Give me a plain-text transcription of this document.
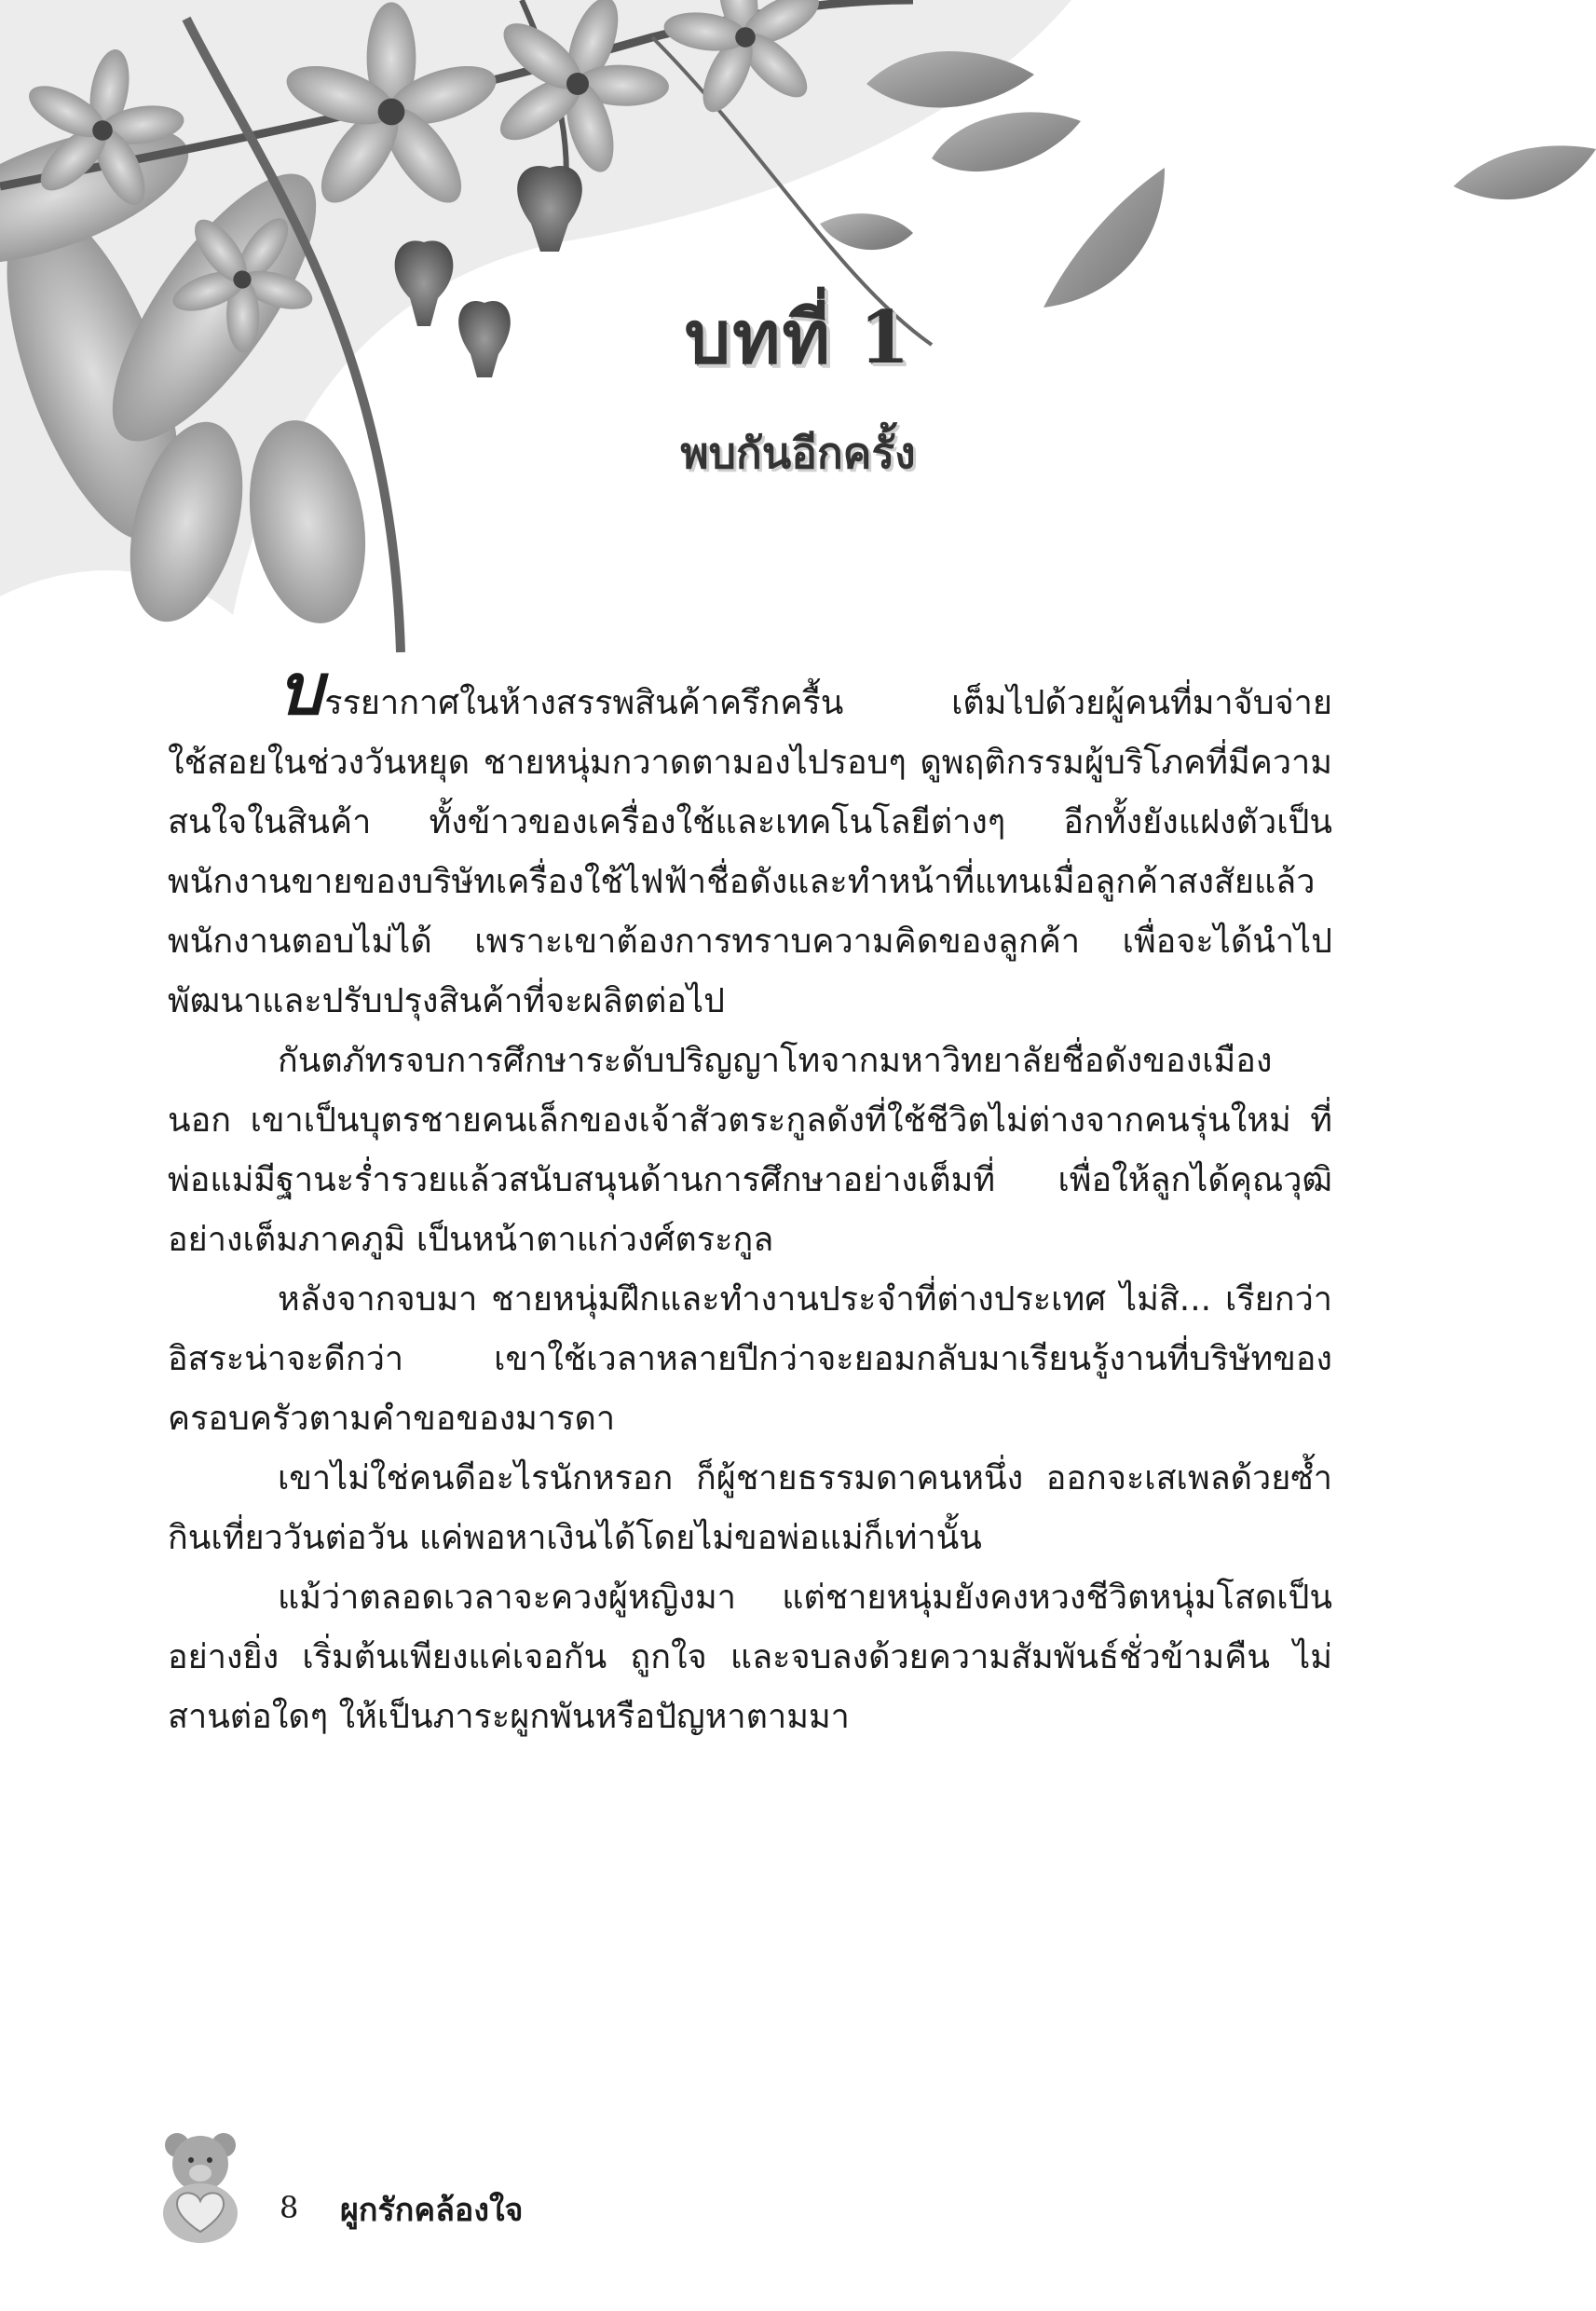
บทที่ 1
พบกันอีกครั้ง

บรรยากาศในห้างสรรพสินค้าครึกครื้น เต็มไปด้วยผู้คนที่มาจับจ่ายใช้สอยในช่วงวันหยุด ชายหนุ่มกวาดตามองไปรอบๆ ดูพฤติกรรมผู้บริโภคที่มีความสนใจในสินค้า ทั้งข้าวของเครื่องใช้และเทคโนโลยีต่างๆ อีกทั้งยังแฝงตัวเป็นพนักงานขายของบริษัทเครื่องใช้ไฟฟ้าชื่อดังและทำหน้าที่แทนเมื่อลูกค้าสงสัยแล้วพนักงานตอบไม่ได้ เพราะเขาต้องการทราบความคิดของลูกค้า เพื่อจะได้นำไปพัฒนาและปรับปรุงสินค้าที่จะผลิตต่อไป

กันตภัทรจบการศึกษาระดับปริญญาโทจากมหาวิทยาลัยชื่อดังของเมืองนอก เขาเป็นบุตรชายคนเล็กของเจ้าสัวตระกูลดังที่ใช้ชีวิตไม่ต่างจากคนรุ่นใหม่ ที่พ่อแม่มีฐานะร่ำรวยแล้วสนับสนุนด้านการศึกษาอย่างเต็มที่ เพื่อให้ลูกได้คุณวุฒิอย่างเต็มภาคภูมิ เป็นหน้าตาแก่วงศ์ตระกูล

หลังจากจบมา ชายหนุ่มฝึกและทำงานประจำที่ต่างประเทศ ไม่สิ... เรียกว่าอิสระน่าจะดีกว่า เขาใช้เวลาหลายปีกว่าจะยอมกลับมาเรียนรู้งานที่บริษัทของครอบครัวตามคำขอของมารดา

เขาไม่ใช่คนดีอะไรนักหรอก ก็ผู้ชายธรรมดาคนหนึ่ง ออกจะเสเพลด้วยซ้ำ กินเที่ยววันต่อวัน แค่พอหาเงินได้โดยไม่ขอพ่อแม่ก็เท่านั้น

แม้ว่าตลอดเวลาจะควงผู้หญิงมา แต่ชายหนุ่มยังคงหวงชีวิตหนุ่มโสดเป็นอย่างยิ่ง เริ่มต้นเพียงแค่เจอกัน ถูกใจ และจบลงด้วยความสัมพันธ์ชั่วข้ามคืน ไม่สานต่อใดๆ ให้เป็นภาระผูกพันหรือปัญหาตามมา

8 ผูกรักคล้องใจ
